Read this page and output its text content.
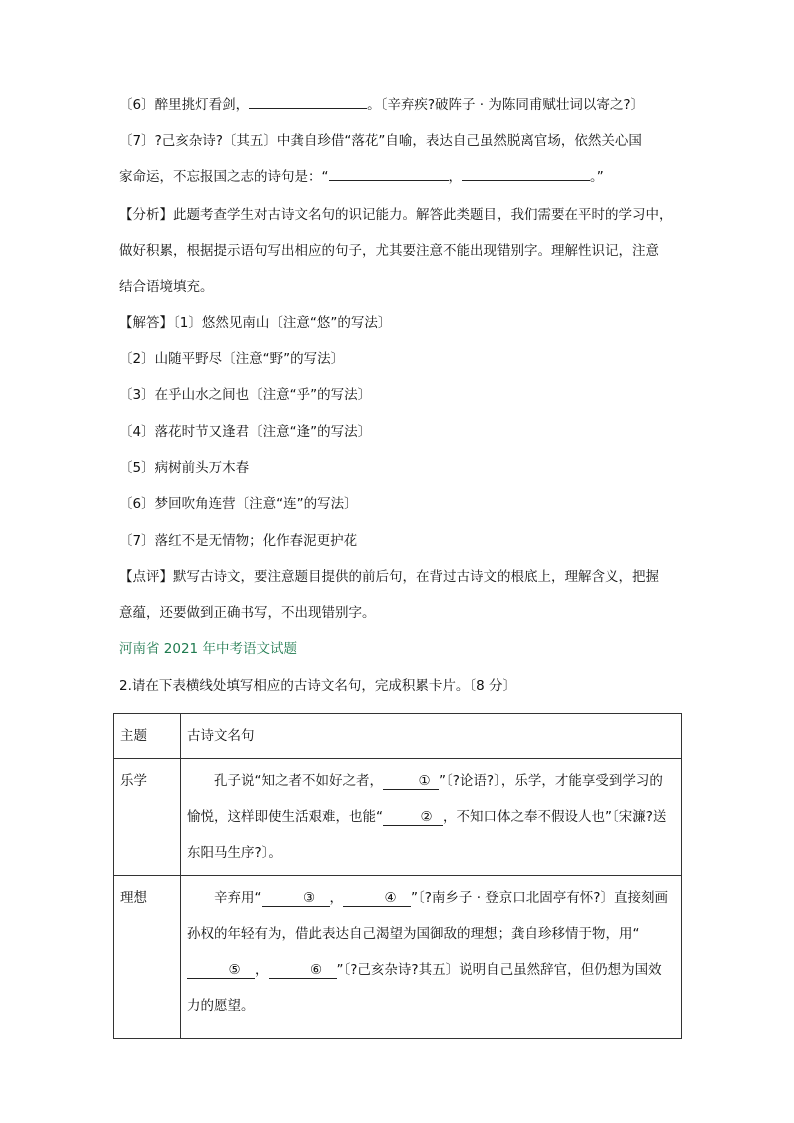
〔6〕醉里挑灯看剑，	。〔辛弃疾?破阵子 · 为陈同甫赋壮词以寄之?〕
〔7〕?己亥杂诗?〔其五〕中龚自珍借“落花”自喻，表达自己虽然脱离官场，依然关心国
家命运，不忘报国之志的诗句是：“	，	。”
【分析】此题考查学生对古诗文名句的识记能力。解答此类题目，我们需要在平时的学习中，
做好积累，根据提示语句写出相应的句子，尤其要注意不能出现错别字。理解性识记，注意
结合语境填充。
【解答】〔1〕悠然见南山〔注意“悠”的写法〕
〔2〕山随平野尽〔注意“野”的写法〕
〔3〕在乎山水之间也〔注意“乎”的写法〕
〔4〕落花时节又逢君〔注意“逢”的写法〕
〔5〕病树前头万木春
〔6〕梦回吹角连营〔注意“连”的写法〕
〔7〕落红不是无情物；化作春泥更护花
【点评】默写古诗文，要注意题目提供的前后句，在背过古诗文的根底上，理解含义，把握
意蕴，还要做到正确书写，不出现错别字。
河南省 2021 年中考语文试题
2.请在下表横线处填写相应的古诗文名句，完成积累卡片。〔8 分〕
主题	古诗文名句
乐学	孔子说“知之者不如好之者， ① ”〔?论语?〕，乐学，才能享受到学习的愉悦，这样即使生活艰难，也能“ ② ，不知口体之奉不假设人也”〔宋濂?送东阳马生序?〕。

理想	辛弃用“ ③ ， ④ ”〔?南乡子 · 登京口北固亭有怀?〕直接刻画孙权的年轻有为，借此表达自己渴望为国御敌的理想；龚自珍移情于物，用“⑤ ， ⑥ ”〔?己亥杂诗?其五〕说明自己虽然辞官，但仍想为国效力的愿望。
